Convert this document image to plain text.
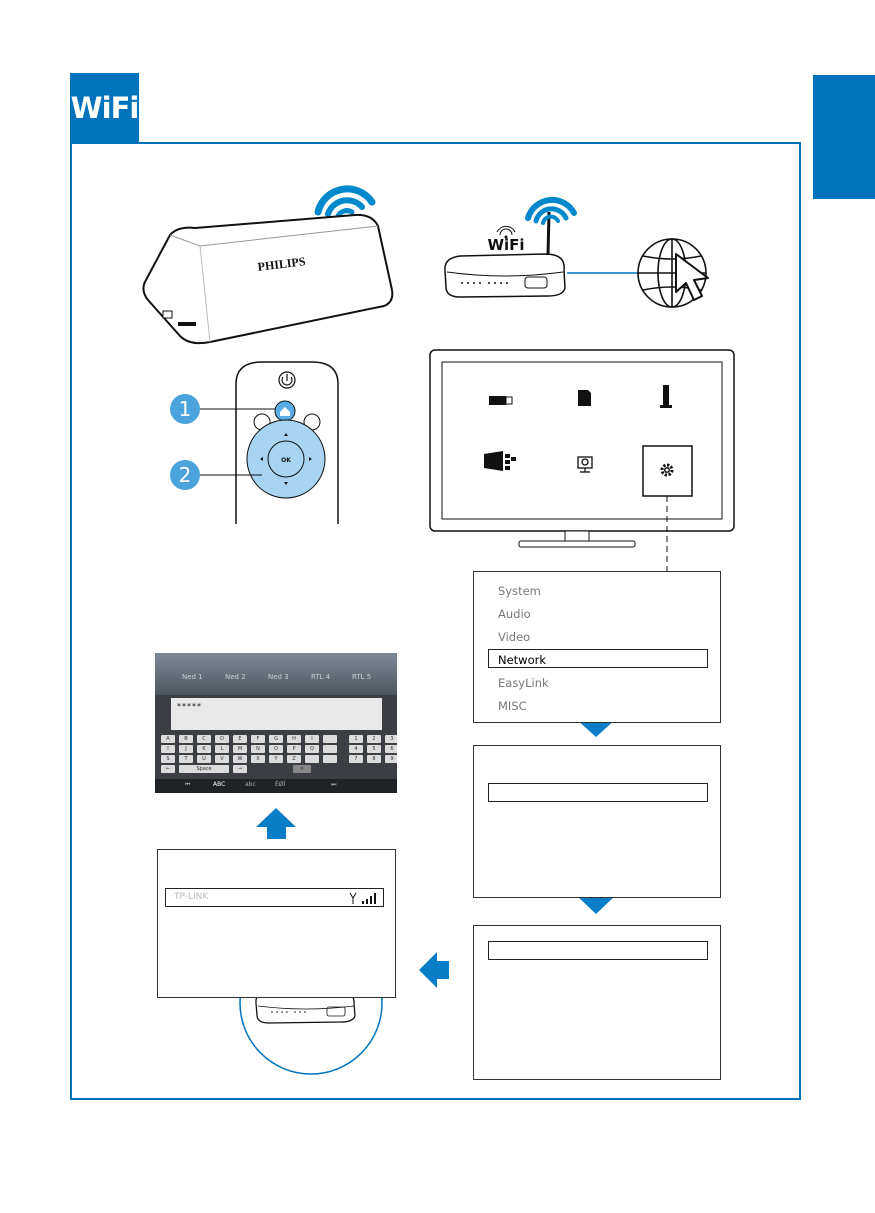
WiFi
PHILIPS
WiFi
OK
1
2
System
Audio
Video
Network
EasyLink
MISC
Ned 1	Ned 2	Ned 3	RTL 4	RTL 5
*****
A	B	C	D	E	F	G	H	I	1	2	3
I	J	K	L	M	N	O	P	Q	4	5	6
S	T	U	V	W	X	Y	Z	7	8	9
←	Space	→	✕
⏮	ABC	abc	ÉØÏ	⏭
TP-LINK
